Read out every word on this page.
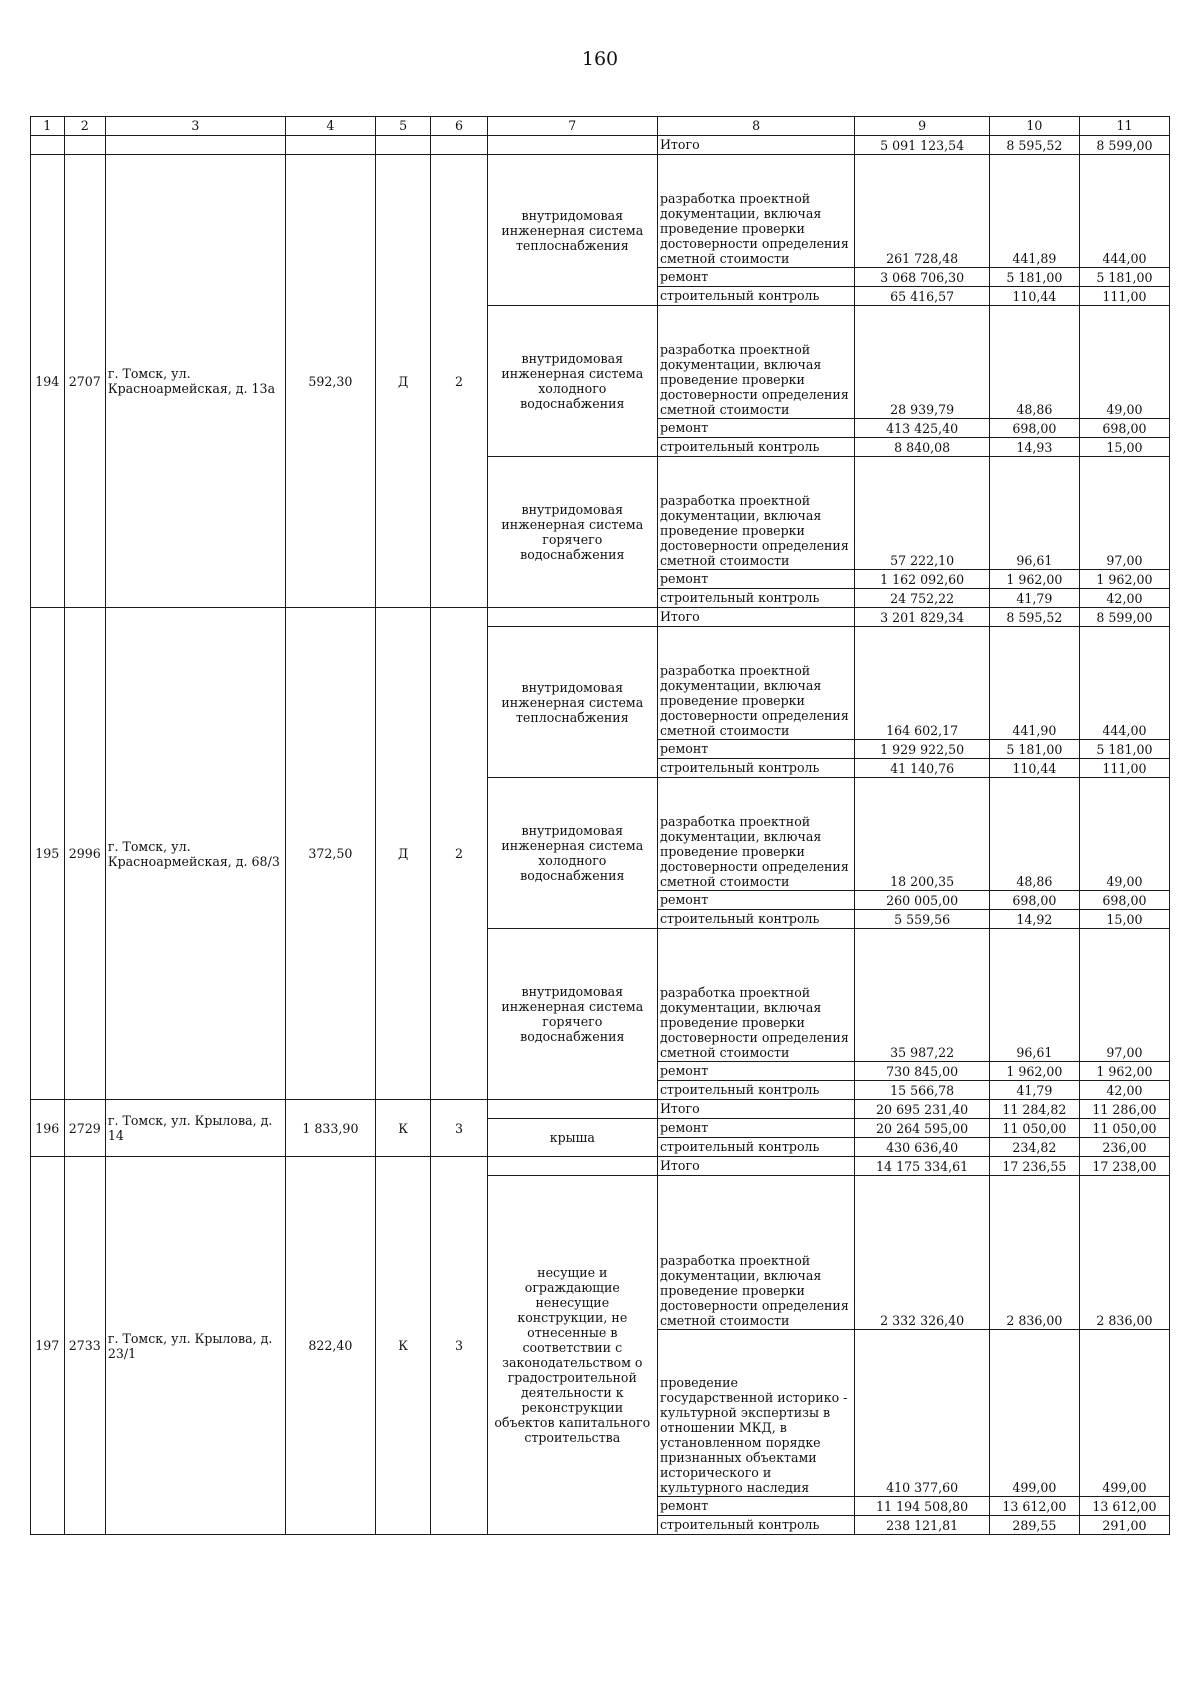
160
1	2	3	4	5	6	7	8	9	10	11
							Итого	5 091 123,54	8 595,52	8 599,00
194	2707	г. Томск, ул. Красноармейская, д. 13а	592,30	Д	2	внутридомовая инженерная система теплоснабжения	разработка проектной документации, включая проведение проверки достоверности определения сметной стоимости	261 728,48	441,89	444,00
							ремонт	3 068 706,30	5 181,00	5 181,00
							строительный контроль	65 416,57	110,44	111,00
						внутридомовая инженерная система холодного водоснабжения	разработка проектной документации, включая проведение проверки достоверности определения сметной стоимости	28 939,79	48,86	49,00
							ремонт	413 425,40	698,00	698,00
							строительный контроль	8 840,08	14,93	15,00
						внутридомовая инженерная система горячего водоснабжения	разработка проектной документации, включая проведение проверки достоверности определения сметной стоимости	57 222,10	96,61	97,00
							ремонт	1 162 092,60	1 962,00	1 962,00
							строительный контроль	24 752,22	41,79	42,00
195	2996	г. Томск, ул. Красноармейская, д. 68/3	372,50	Д	2		Итого	3 201 829,34	8 595,52	8 599,00
						внутридомовая инженерная система теплоснабжения	разработка проектной документации, включая проведение проверки достоверности определения сметной стоимости	164 602,17	441,90	444,00
							ремонт	1 929 922,50	5 181,00	5 181,00
							строительный контроль	41 140,76	110,44	111,00
						внутридомовая инженерная система холодного водоснабжения	разработка проектной документации, включая проведение проверки достоверности определения сметной стоимости	18 200,35	48,86	49,00
							ремонт	260 005,00	698,00	698,00
							строительный контроль	5 559,56	14,92	15,00
						внутридомовая инженерная система горячего водоснабжения	разработка проектной документации, включая проведение проверки достоверности определения сметной стоимости	35 987,22	96,61	97,00
							ремонт	730 845,00	1 962,00	1 962,00
							строительный контроль	15 566,78	41,79	42,00
196	2729	г. Томск, ул. Крылова, д. 14	1 833,90	К	3		Итого	20 695 231,40	11 284,82	11 286,00
						крыша	ремонт	20 264 595,00	11 050,00	11 050,00
							строительный контроль	430 636,40	234,82	236,00
197	2733	г. Томск, ул. Крылова, д. 23/1	822,40	К	3		Итого	14 175 334,61	17 236,55	17 238,00
						несущие и ограждающие ненесущие конструкции, не отнесенные в соответствии с законодательством о градостроительной деятельности к реконструкции объектов капитального строительства	разработка проектной документации, включая проведение проверки достоверности определения сметной стоимости	2 332 326,40	2 836,00	2 836,00
							проведение государственной историко - культурной экспертизы в отношении МКД, в установленном порядке признанных объектами исторического и культурного наследия	410 377,60	499,00	499,00
							ремонт	11 194 508,80	13 612,00	13 612,00
							строительный контроль	238 121,81	289,55	291,00
